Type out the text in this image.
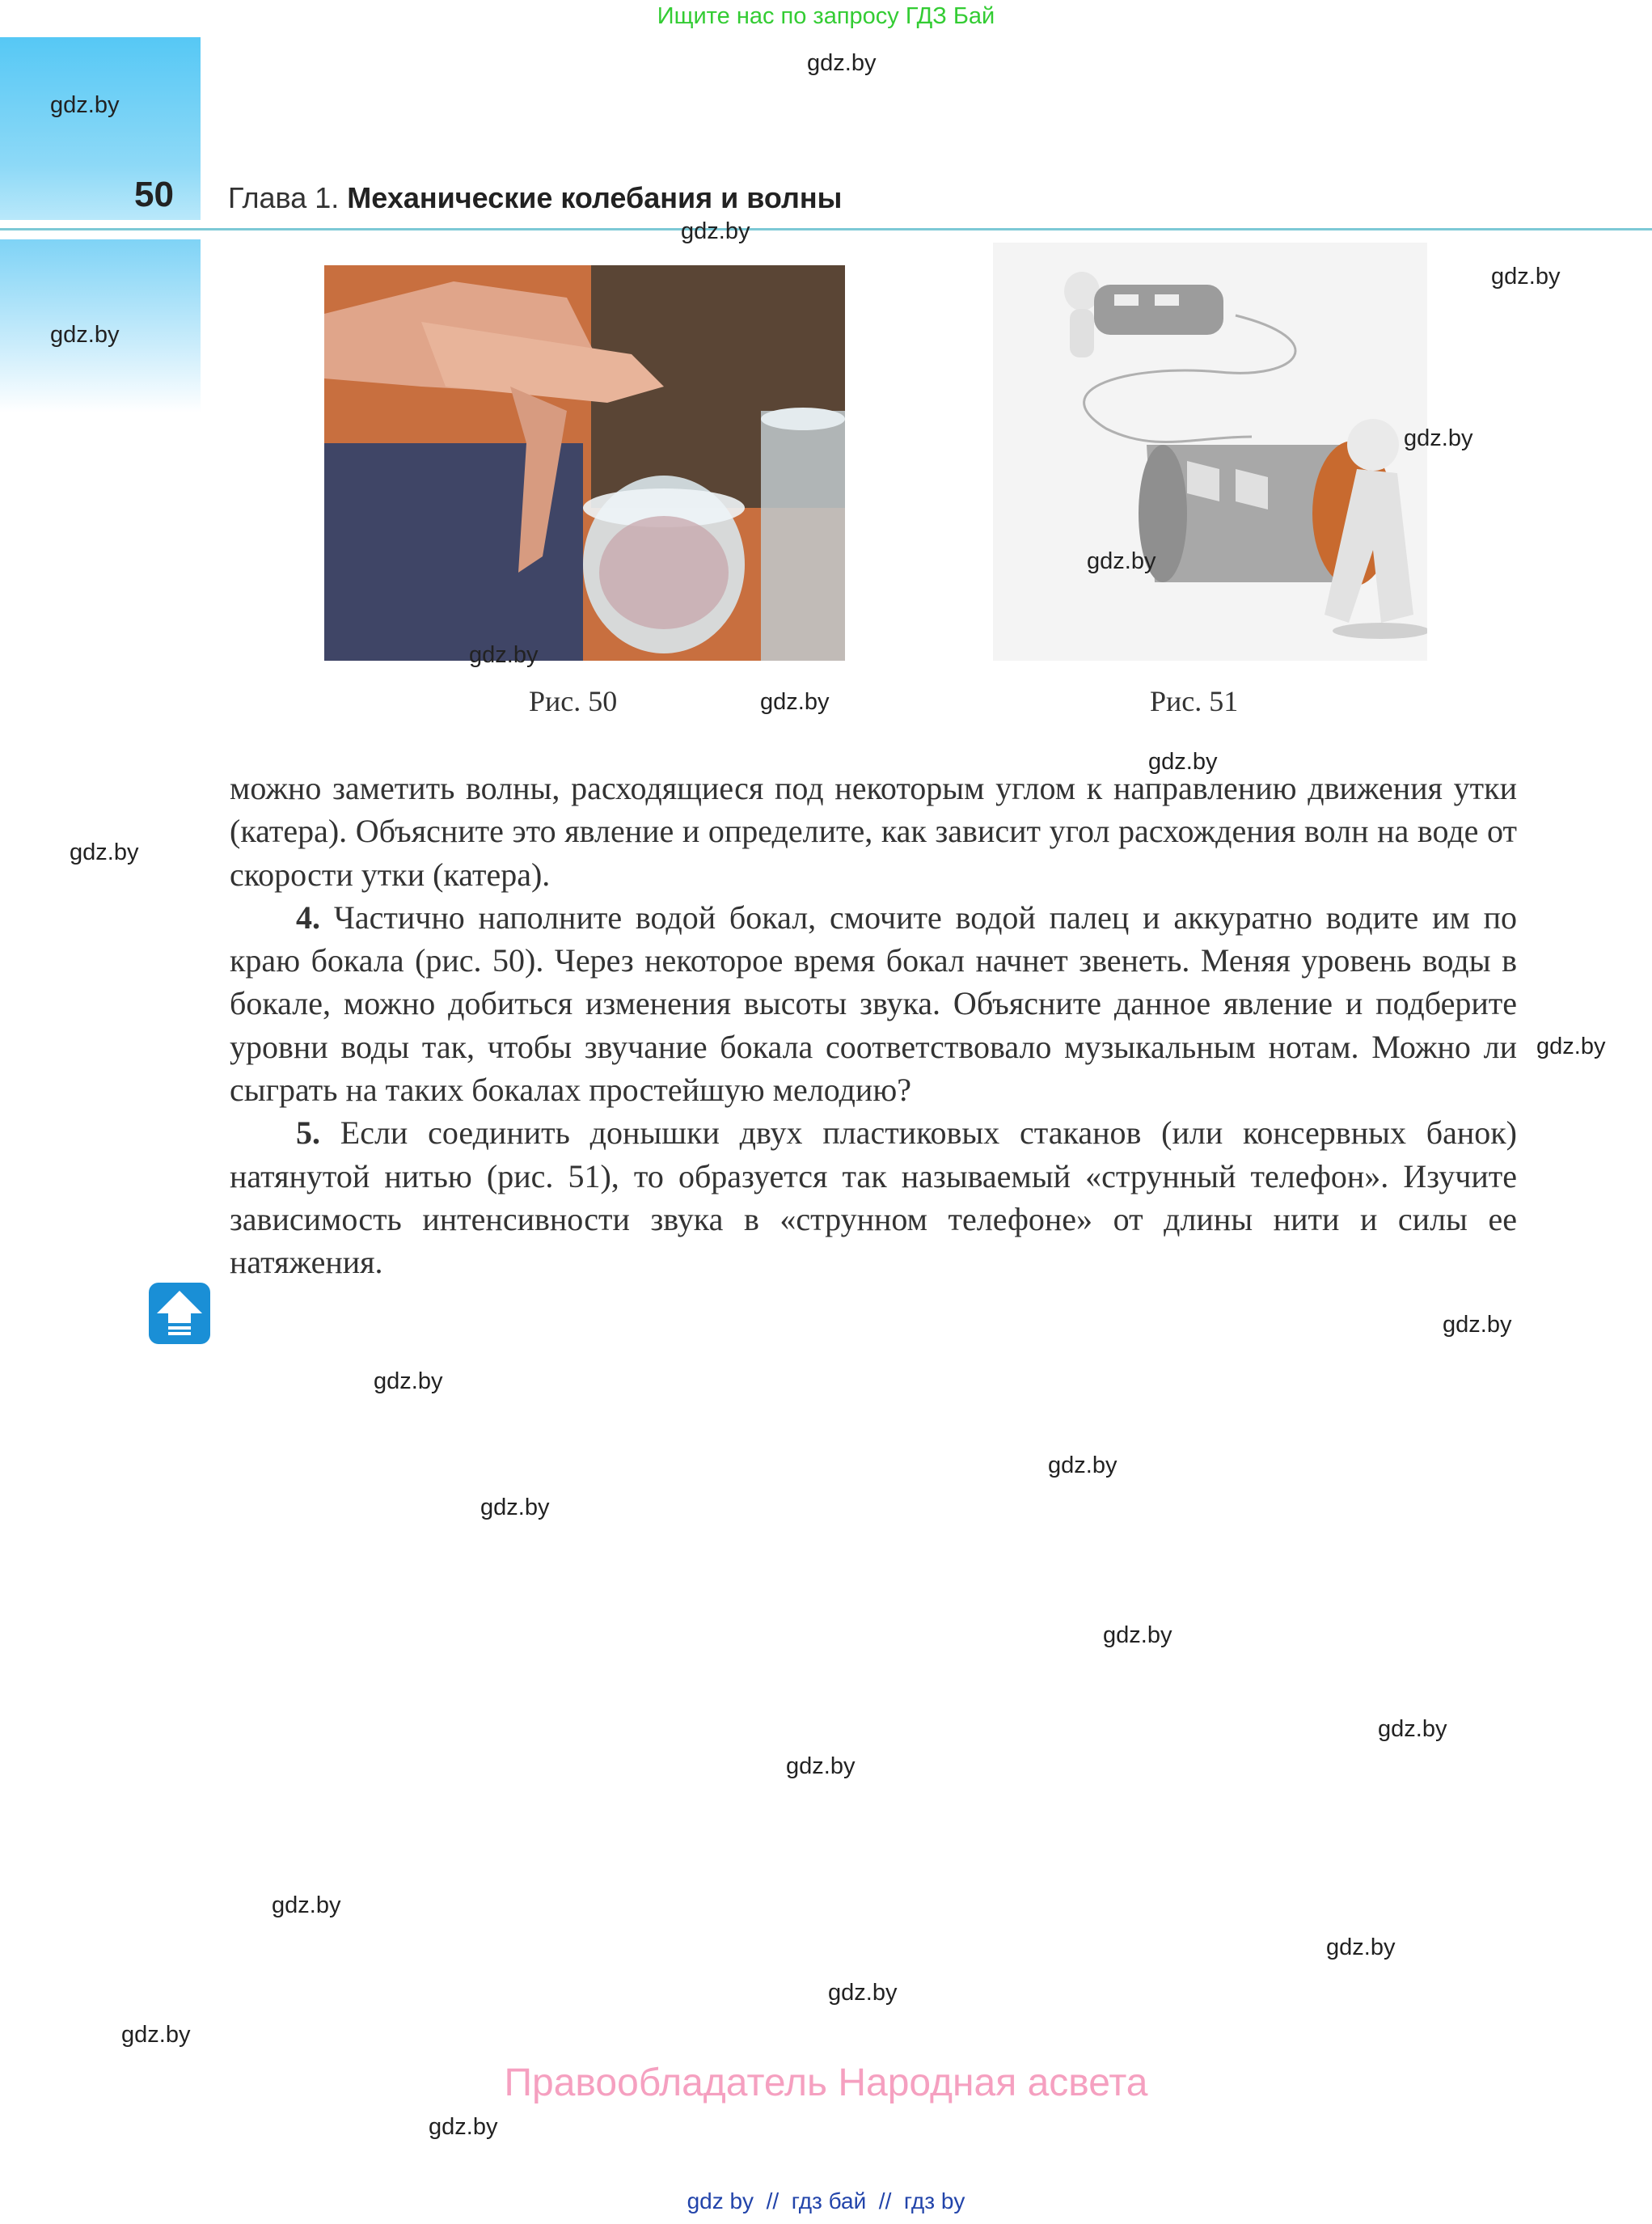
Ищите нас по запросу ГДЗ Бай
50 Глава 1. Механические колебания и волны
Рис. 50	Рис. 51

можно заметить волны, расходящиеся под некоторым углом к направлению движения утки (катера). Объясните это явление и определите, как зависит угол расхождения волн на воде от скорости утки (катера).

4. Частично наполните водой бокал, смочите водой палец и аккуратно водите им по краю бокала (рис. 50). Через некоторое время бокал начнет звенеть. Меняя уровень воды в бокале, можно добиться изменения высоты звука. Объясните данное явление и подберите уровни воды так, чтобы звучание бокала соответствовало музыкальным нотам. Можно ли сыграть на таких бокалах простейшую мелодию?

5. Если соединить донышки двух пластиковых стаканов (или консервных банок) натянутой нитью (рис. 51), то образуется так называемый «струнный телефон». Изучите зависимость интенсивности звука в «струнном телефоне» от длины нити и силы ее натяжения.

gdz.by
gdz.by
gdz.by
gdz.by
gdz.by
gdz.by
gdz.by
gdz.by
gdz.by
gdz.by
gdz.by
gdz.by
gdz.by
gdz.by
gdz.by
gdz.by
gdz.by
gdz.by
gdz.by
gdz.by
gdz.by
gdz.by
gdz.by
gdz.by
Правообладатель Народная асвета
gdz by  //  гдз бай  //  гдз by
